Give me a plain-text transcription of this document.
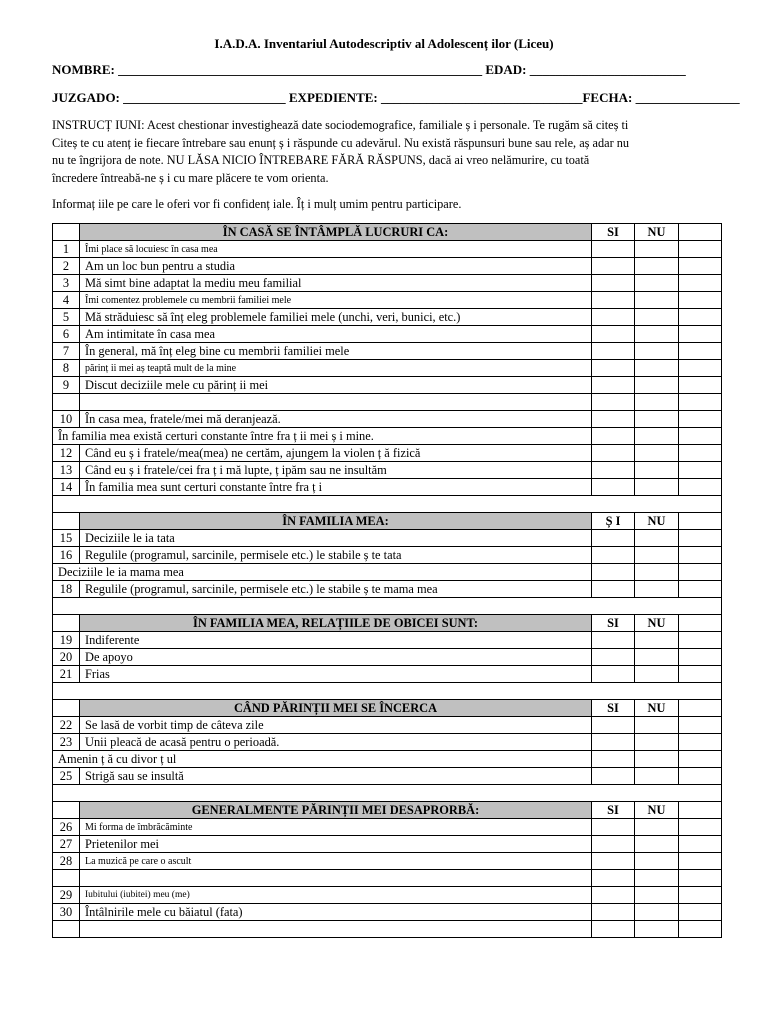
I.A.D.A. Inventariul Autodescriptiv al Adolescenț ilor (Liceu)
NOMBRE: ________________________________________________________ EDAD: ________________________
JUZGADO: _________________________ EXPEDIENTE: _______________________________FECHA: ________________

INSTRUCȚ IUNI: Acest chestionar investighează date sociodemografice, familiale ș i personale. Te rugăm să citeș ti

Citeș te cu atenț ie fiecare întrebare sau enunț ș i răspunde cu adevărul. Nu există răspunsuri bune sau rele, aș adar nu

nu te îngrijora de note. NU LĂSA NICIO ÎNTREBARE FĂRĂ RĂSPUNS, dacă ai vreo nelămurire, cu toată

încredere întreabă-ne ș i cu mare plăcere te vom orienta.

Informaț iile pe care le oferi vor fi confidenț iale. Îț i mulț umim pentru participare.
	ÎN CASĂ SE ÎNTÂMPLĂ LUCRURI CA:	SI	NU	
1	Îmi place să locuiesc în casa mea			
2	Am un loc bun pentru a studia			
3	Mă simt bine adaptat la mediu meu familial			
4	Îmi comentez problemele cu membrii familiei mele			
5	Mă străduiesc să înț eleg problemele familiei mele (unchi, veri, bunici, etc.)			
6	Am intimitate în casa mea			
7	În general, mă înț eleg bine cu membrii familiei mele			
8	părinț ii mei aș teaptă mult de la mine			
9	Discut deciziile mele cu părinț ii mei			

10	În casa mea, fratele/mei mă deranjează.			
În familia mea există certuri constante între fra ț ii mei ș i mine.				
12	Când eu ș i fratele/mea(mea) ne certăm, ajungem la violen ț ă fizică			
13	Când eu ș i fratele/cei fra ț i mă lupte, ț ipăm sau ne insultăm			
14	În familia mea sunt certuri constante între fra ț i			

	ÎN FAMILIA MEA:	Ș I	NU	
15	Deciziile le ia tata			
16	Regulile (programul, sarcinile, permisele etc.) le stabile ș te tata			
Deciziile le ia mama mea				
18	Regulile (programul, sarcinile, permisele etc.) le stabile ș te mama mea			

	ÎN FAMILIA MEA, RELAȚIILE DE OBICEI SUNT:	SI	NU	
19	Indiferente			
20	De apoyo			
21	Frias			

	CÂND PĂRINȚII MEI SE ÎNCERCA	SI	NU	
22	Se lasă de vorbit timp de câteva zile			
23	Unii pleacă de acasă pentru o perioadă.			
Amenin ț ă cu divor ț ul				
25	Strigă sau se insultă			

	GENERALMENTE PĂRINȚII MEI DESAPRORBĂ:	SI	NU	
26	Mi forma de îmbrăcăminte			
27	Prietenilor mei			
28	La muzică pe care o ascult			

29	Iubitului (iubitei) meu (me)			
30	Întâlnirile mele cu băiatul (fata)			
